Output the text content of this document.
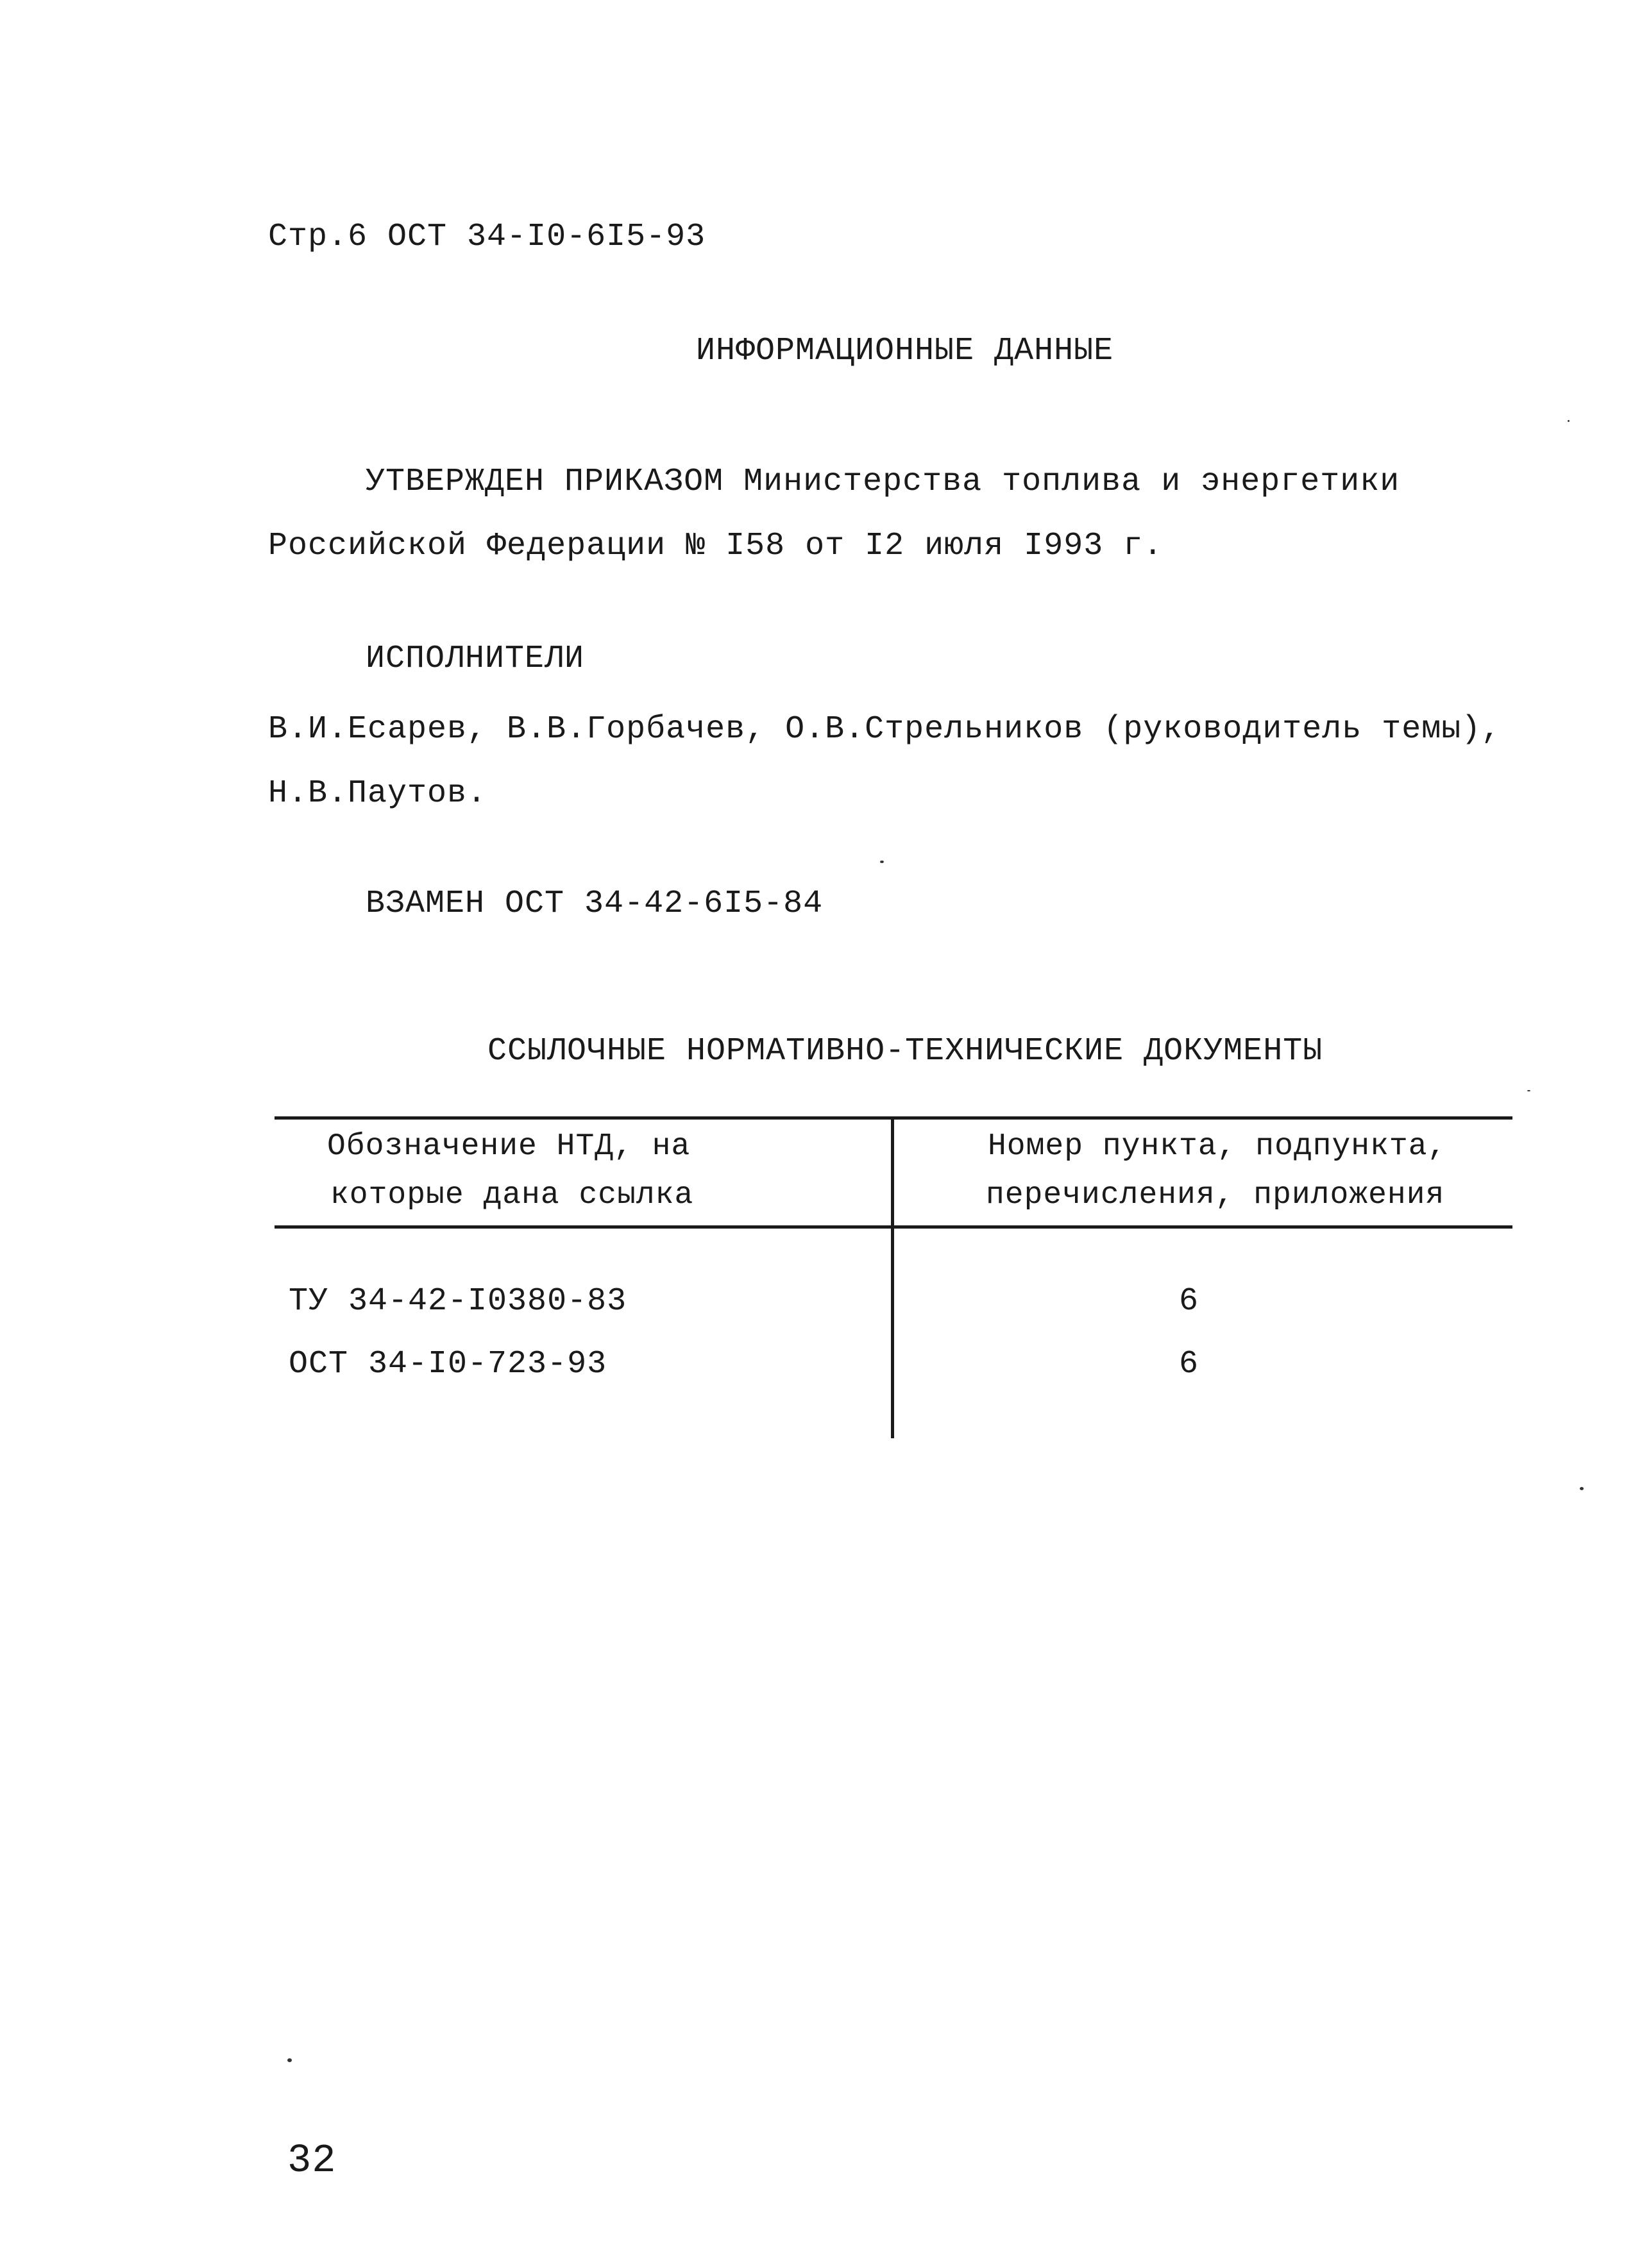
Стр.6 ОСТ 34-I0-6I5-93
ИНФОРМАЦИОННЫЕ ДАННЫЕ
УТВЕРЖДЕН ПРИКАЗОМ Министерства топлива и энергетики
Российской Федерации № I58 от I2 июля I993 г.
ИСПОЛНИТЕЛИ
В.И.Есарев, В.В.Горбачев, О.В.Стрельников (руководитель темы),
Н.В.Паутов.
ВЗАМЕН ОСТ 34-42-6I5-84
ССЫЛОЧНЫЕ НОРМАТИВНО-ТЕХНИЧЕСКИЕ ДОКУМЕНТЫ
Обозначение НТД, на
которые дана ссылка
Номер пункта, подпункта,
перечисления, приложения
ТУ 34-42-I0380-83	6
ОСТ 34-I0-723-93	6
32
